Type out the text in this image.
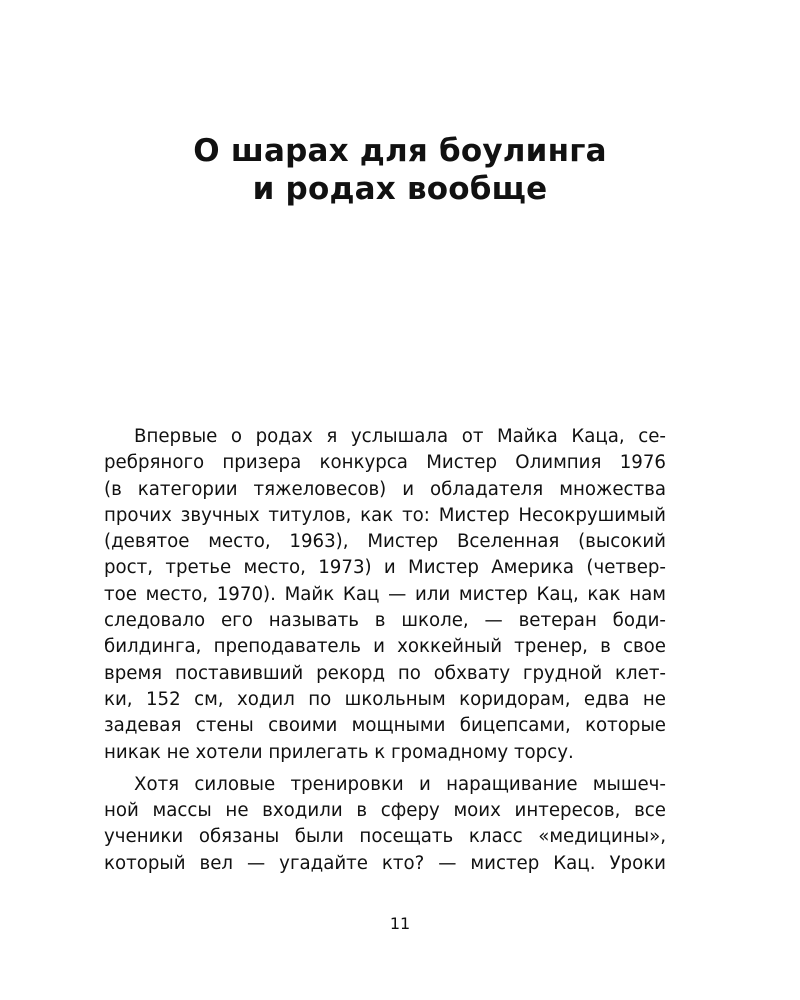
О шарах для боулинга
и родах вообще

Впервые о родах я услышала от Майка Каца, се-
ребряного призера конкурса Мистер Олимпия 1976
(в категории тяжеловесов) и обладателя множества
прочих звучных титулов, как то: Мистер Несокрушимый
(девятое место, 1963), Мистер Вселенная (высокий
рост, третье место, 1973) и Мистер Америка (четвер-
тое место, 1970). Майк Кац — или мистер Кац, как нам
следовало его называть в школе, — ветеран боди-
билдинга, преподаватель и хоккейный тренер, в свое
время поставивший рекорд по обхвату грудной клет-
ки, 152 см, ходил по школьным коридорам, едва не
задевая стены своими мощными бицепсами, которые
никак не хотели прилегать к громадному торсу.

Хотя силовые тренировки и наращивание мышеч-
ной массы не входили в сферу моих интересов, все
ученики обязаны были посещать класс «медицины»,
который вел — угадайте кто? — мистер Кац. Уроки

11
